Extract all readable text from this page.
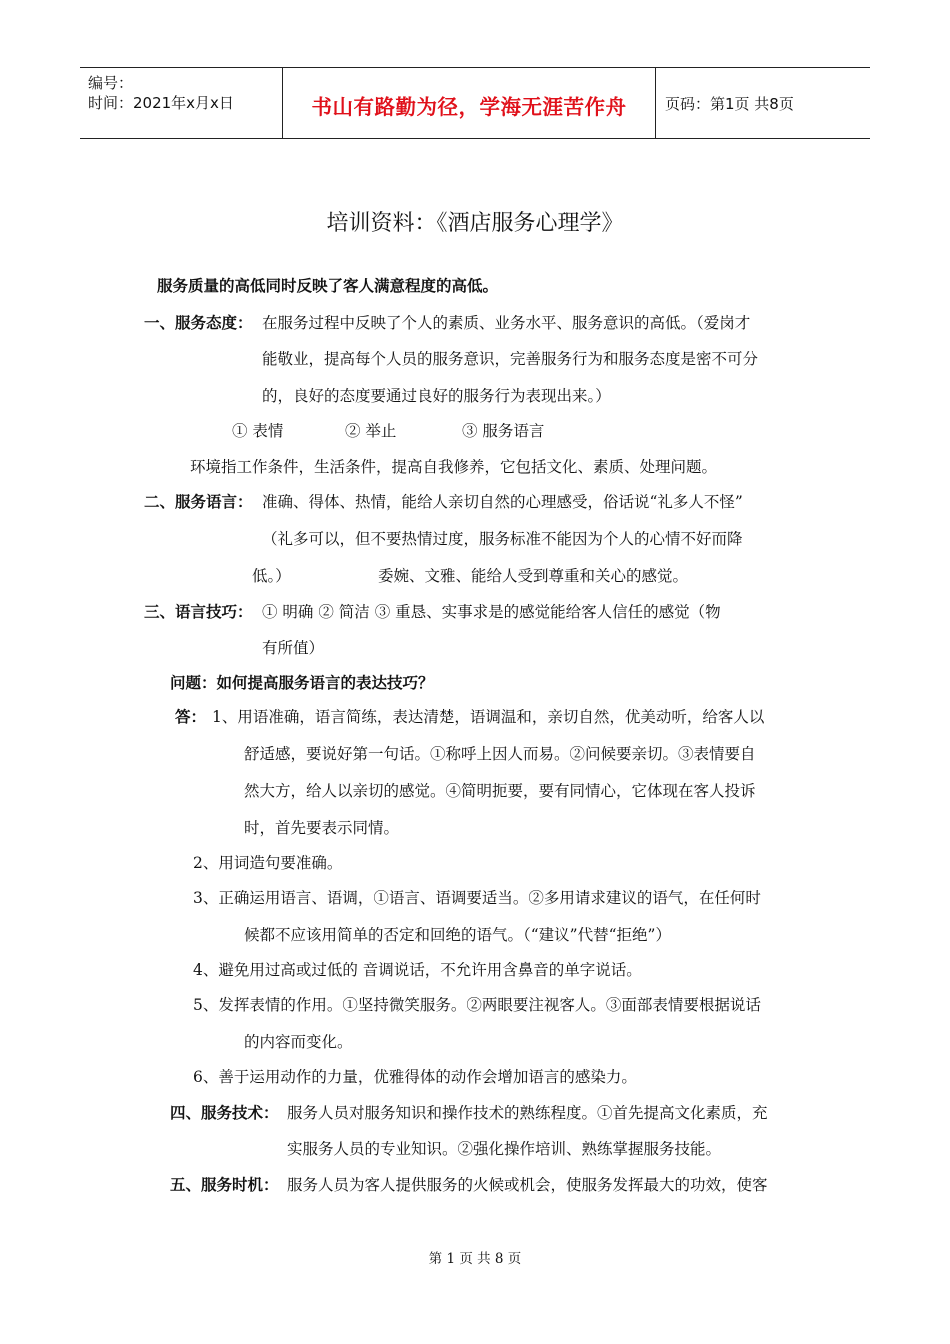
编号：
时间：2021年x月x日	书山有路勤为径，学海无涯苦作舟	页码：第1页 共8页
培训资料：《酒店服务心理学》
服务质量的高低同时反映了客人满意程度的高低。
一、服务态度： 在服务过程中反映了个人的素质、业务水平、服务意识的高低。（爱岗才
能敬业，提高每个人员的服务意识，完善服务行为和服务态度是密不可分
的，良好的态度要通过良好的服务行为表现出来。）
① 表情	② 举止	③ 服务语言
环境指工作条件，生活条件，提高自我修养，它包括文化、素质、处理问题。
二、服务语言： 准确、得体、热情，能给人亲切自然的心理感受，俗话说“礼多人不怪”
（礼多可以，但不要热情过度，服务标准不能因为个人的心情不好而降
低。）	委婉、文雅、能给人受到尊重和关心的感觉。
三、语言技巧： ① 明确 ② 简洁 ③ 重恳、实事求是的感觉能给客人信任的感觉（物
有所值）
问题：如何提高服务语言的表达技巧？
答： 1、用语准确，语言简练，表达清楚，语调温和，亲切自然，优美动听，给客人以
舒适感，要说好第一句话。①称呼上因人而易。②问候要亲切。③表情要自
然大方，给人以亲切的感觉。④简明扼要，要有同情心，它体现在客人投诉
时，首先要表示同情。
2、用词造句要准确。
3、正确运用语言、语调，①语言、语调要适当。②多用请求建议的语气，在任何时
候都不应该用简单的否定和回绝的语气。（“建议”代替“拒绝”）
4、避免用过高或过低的 音调说话，不允许用含鼻音的单字说话。
5、发挥表情的作用。①坚持微笑服务。②两眼要注视客人。③面部表情要根据说话
的内容而变化。
6、善于运用动作的力量，优雅得体的动作会增加语言的感染力。
四、服务技术： 服务人员对服务知识和操作技术的熟练程度。①首先提高文化素质，充
实服务人员的专业知识。②强化操作培训、熟练掌握服务技能。
五、服务时机： 服务人员为客人提供服务的火候或机会，使服务发挥最大的功效，使客
第 1 页 共 8 页
